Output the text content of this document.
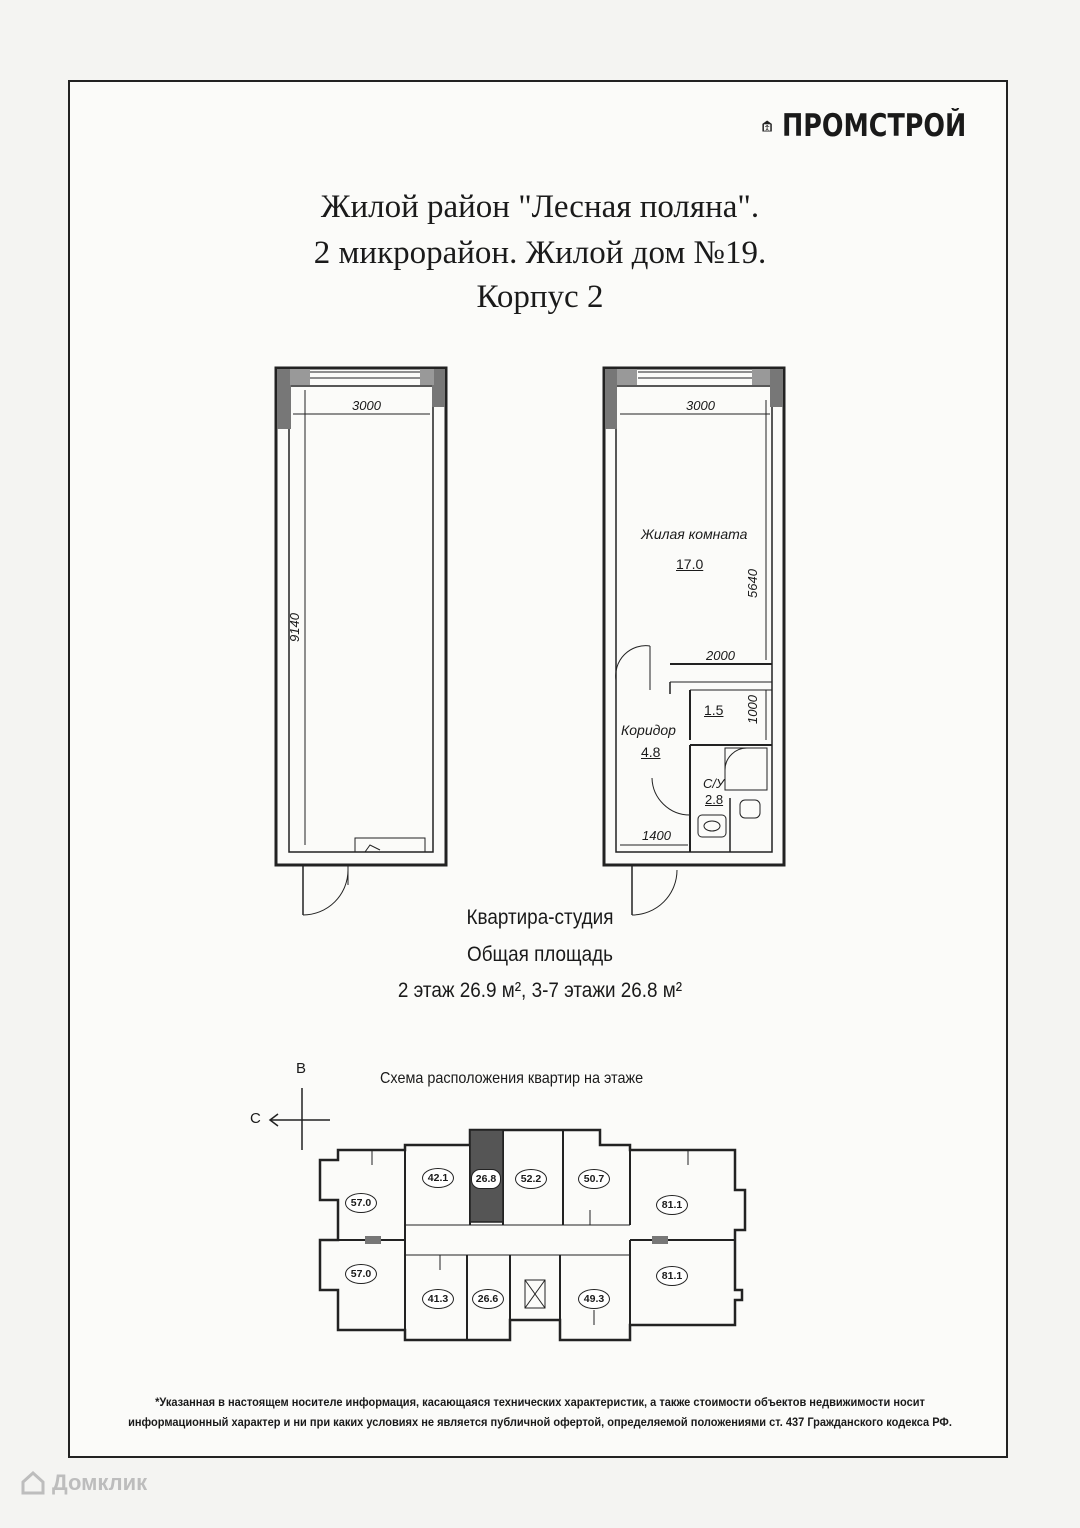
ПРОМСТРОЙ
Жилой район "Лесная поляна".
2 микрорайон. Жилой дом №19.
Корпус 2
3000
9140
3000
Жилая комната
17.0
5640
2000
1.5 1000
Коридор
4.8
С/У
2.8
1400
Квартира-студия
Общая площадь
2 этаж 26.9 м², 3-7 этажи 26.8 м²
В
С
Схема расположения квартир на этаже
57.0
42.1	26.8	52.2	50.7
81.1
57.0
41.3	26.6	49.3
81.1
*Указанная в настоящем носителе информация, касающаяся технических характеристик, а также стоимости объектов недвижимости носит
информационный характер и ни при каких условиях не является публичной офертой, определяемой положениями ст. 437 Гражданского кодекса РФ.
Домклик
